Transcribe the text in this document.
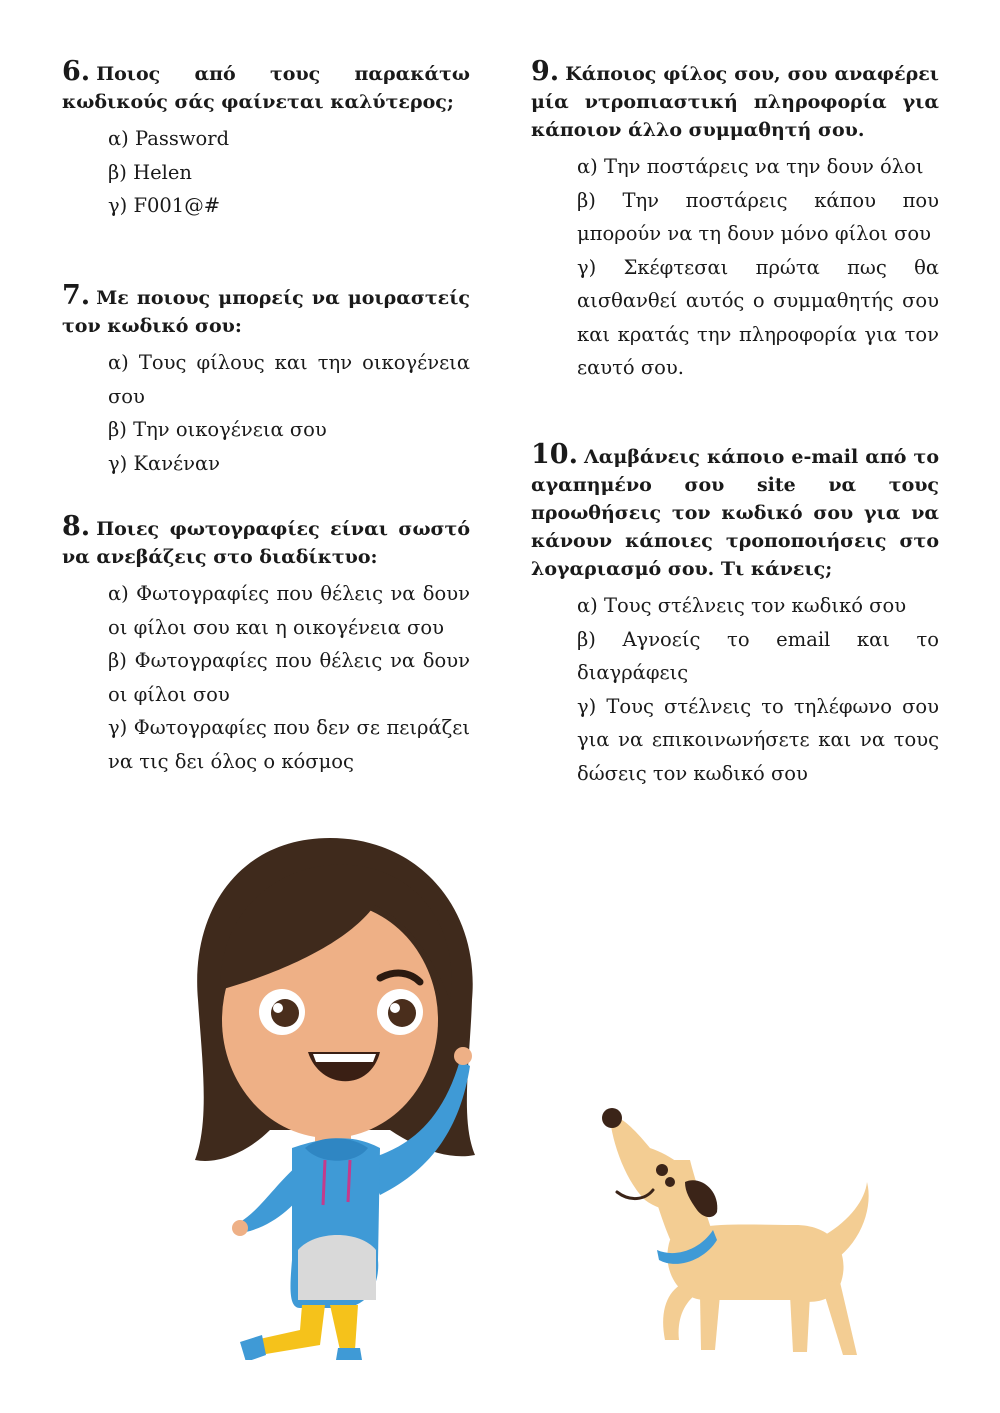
6. Ποιος από τους παρακάτω κωδικούς σάς φαίνεται καλύτερος;
α) Password
β) Helen
γ) F001@#
7. Με ποιους μπορείς να μοιραστείς τον κωδικό σου:
α) Τους φίλους και την οικογένεια σου
β) Την οικογένεια σου
γ) Κανέναν
8. Ποιες φωτογραφίες είναι σωστό να ανεβάζεις στο διαδίκτυο:
α) Φωτογραφίες που θέλεις να δουν οι φίλοι σου και η οικογένεια σου
β) Φωτογραφίες που θέλεις να δουν οι φίλοι σου
γ) Φωτογραφίες που δεν σε πειράζει να τις δει όλος ο κόσμος
9. Κάποιος φίλος σου, σου αναφέρει μία ντροπιαστική πληροφορία για κάποιον άλλο συμμαθητή σου.
α) Την ποστάρεις να την δουν όλοι
β) Την ποστάρεις κάπου που μπορούν να τη δουν μόνο φίλοι σου
γ) Σκέφτεσαι πρώτα πως θα αισθανθεί αυτός ο συμμαθητής σου και κρατάς την πληροφορία για τον εαυτό σου.
10. Λαμβάνεις κάποιο e-mail από το αγαπημένο σου site να τους προωθήσεις τον κωδικό σου για να κάνουν κάποιες τροποποιήσεις στο λογαριασμό σου. Τι κάνεις;
α) Τους στέλνεις τον κωδικό σου
β) Αγνοείς το email και το διαγράφεις
γ) Τους στέλνεις το τηλέφωνο σου για να επικοινωνήσετε και να τους δώσεις τον κωδικό σου
